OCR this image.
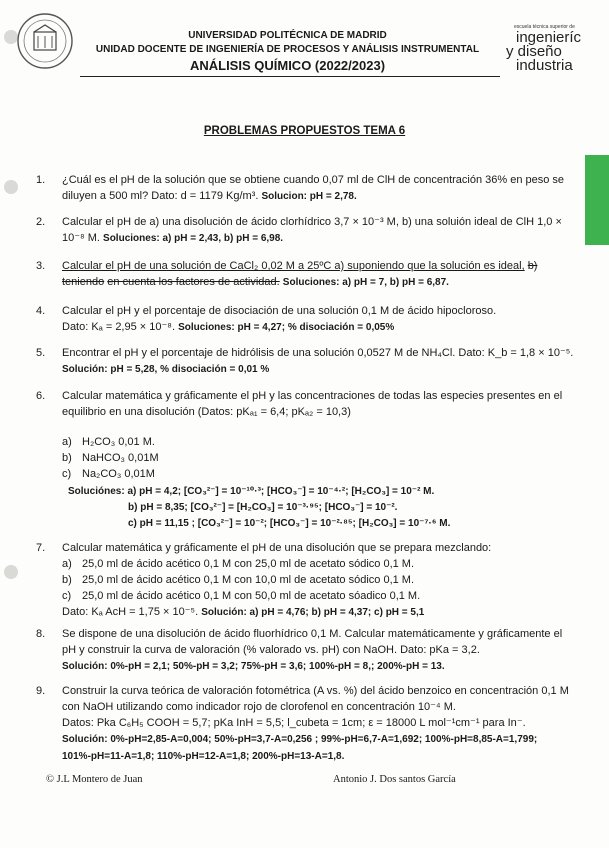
UNIVERSIDAD POLITÉCNICA DE MADRID
UNIDAD DOCENTE DE INGENIERÍA DE PROCESOS Y ANÁLISIS INSTRUMENTAL
ANÁLISIS QUÍMICO (2022/2023)
escuela técnica superior de
ingenieríc
y diseño
industria
PROBLEMAS PROPUESTOS TEMA 6
1. ¿Cuál es el pH de la solución que se obtiene cuando 0,07 ml de ClH de concentración 36% en peso se diluyen a 500 ml? Dato: d = 1179 Kg/m³. Solucion: pH = 2,78.
2. Calcular el pH de a) una disolución de ácido clorhídrico 3,7 × 10⁻³ M, b) una soluión ideal de ClH 1,0 × 10⁻⁸ M. Soluciones: a) pH = 2,43, b) pH = 6,98.
3. Calcular el pH de una solución de CaCl₂ 0,02 M a 25ºC a) suponiendo que la solución es ideal, b) teniendo en cuenta los factores de actividad. Soluciones: a) pH = 7, b) pH = 6,87.
4. Calcular el pH y el porcentaje de disociación de una solución 0,1 M de ácido hipocloroso.
Dato: Kₐ = 2,95 × 10⁻⁸. Soluciones: pH = 4,27; % disociación = 0,05%
5. Encontrar el pH y el porcentaje de hidrólisis de una solución 0,0527 M de NH₄Cl. Dato: K_b = 1,8 × 10⁻⁵.
Solución: pH = 5,28, % disociación = 0,01 %
6. Calcular matemática y gráficamente el pH y las concentraciones de todas las especies presentes en el equilibrio en una disolución (Datos: pKₐ₁ = 6,4; pKₐ₂ = 10,3)
a) H₂CO₃ 0,01 M.
b) NaHCO₃ 0,01M
c) Na₂CO₃ 0,01M
Soluciónes: a) pH = 4,2; [CO₃²⁻] = 10⁻¹⁰·³; [HCO₃⁻] = 10⁻⁴·²; [H₂CO₃] = 10⁻² M.
b) pH = 8,35; [CO₃²⁻] = [H₂CO₃] = 10⁻³·⁹⁵; [HCO₃⁻] = 10⁻².
c) pH = 11,15 ; [CO₃²⁻] = 10⁻²; [HCO₃⁻] = 10⁻²·⁸⁵; [H₂CO₃] = 10⁻⁷·⁶ M.
7. Calcular matemática y gráficamente el pH de una disolución que se prepara mezclando:
a) 25,0 ml de ácido acético 0,1 M con 25,0 ml de acetato sódico 0,1 M.
b) 25,0 ml de ácido acético 0,1 M con 10,0 ml de acetato sódico 0,1 M.
c) 25,0 ml de ácido acético 0,1 M con 50,0 ml de acetato sóadico 0,1 M.
Dato: Kₐ AcH = 1,75 × 10⁻⁵. Solución: a) pH = 4,76; b) pH = 4,37; c) pH = 5,1
8. Se dispone de una disolución de ácido fluorhídrico 0,1 M. Calcular matemáticamente y gráficamente el pH y construir la curva de valoración (% valorado vs. pH) con NaOH. Dato: pKa = 3,2.
Solución: 0%-pH = 2,1; 50%-pH = 3,2; 75%-pH = 3,6; 100%-pH = 8,; 200%-pH = 13.
9. Construir la curva teórica de valoración fotométrica (A vs. %) del ácido benzoico en concentración 0,1 M con NaOH utilizando como indicador rojo de clorofenol en concentración 10⁻⁴ M.
Datos: Pka C₆H₅ COOH = 5,7; pKa InH = 5,5; l_cubeta = 1cm; ε = 18000 L mol⁻¹cm⁻¹ para In⁻.
Solución: 0%-pH=2,85-A=0,004; 50%-pH=3,7-A=0,256 ; 99%-pH=6,7-A=1,692; 100%-pH=8,85-A=1,799;
101%-pH=11-A=1,8; 110%-pH=12-A=1,8; 200%-pH=13-A=1,8.
© J.L Montero de Juan	Antonio J. Dos santos García
